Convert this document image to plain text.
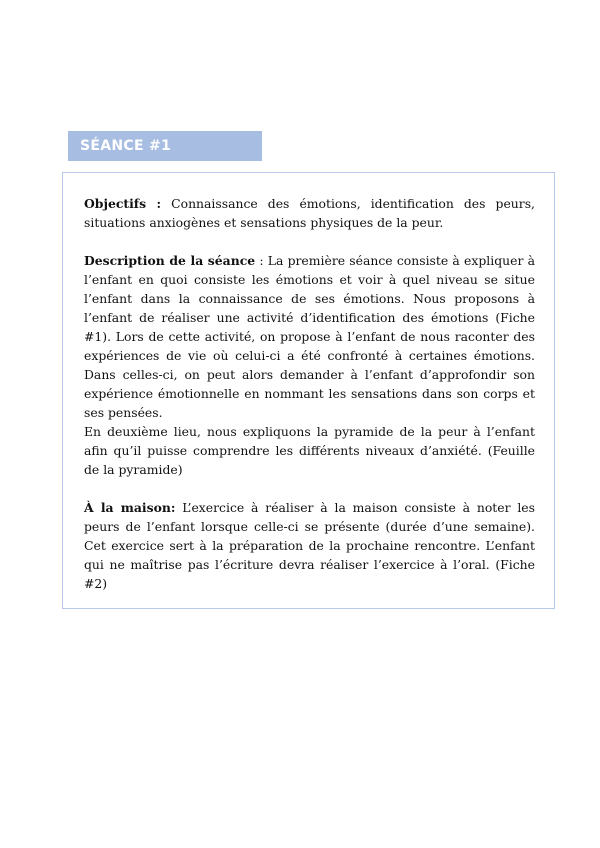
SÉANCE #1

Objectifs : Connaissance des émotions, identification des peurs, situations anxiogènes et sensations physiques de la peur.

Description de la séance : La première séance consiste à expliquer à l’enfant en quoi consiste les émotions et voir à quel niveau se situe l’enfant dans la connaissance de ses émotions. Nous proposons à l’enfant de réaliser une activité d’identification des émotions (Fiche #1). Lors de cette activité, on propose à l’enfant de nous raconter des expériences de vie où celui-ci a été confronté à certaines émotions. Dans celles-ci, on peut alors demander à l’enfant d’approfondir son expérience émotionnelle en nommant les sensations dans son corps et ses pensées.

En deuxième lieu, nous expliquons la pyramide de la peur à l’enfant afin qu’il puisse comprendre les différents niveaux d’anxiété. (Feuille de la pyramide)

À la maison: L’exercice à réaliser à la maison consiste à noter les peurs de l’enfant lorsque celle-ci se présente (durée d’une semaine). Cet exercice sert à la préparation de la prochaine rencontre. L’enfant qui ne maîtrise pas l’écriture devra réaliser l’exercice à l’oral. (Fiche #2)
